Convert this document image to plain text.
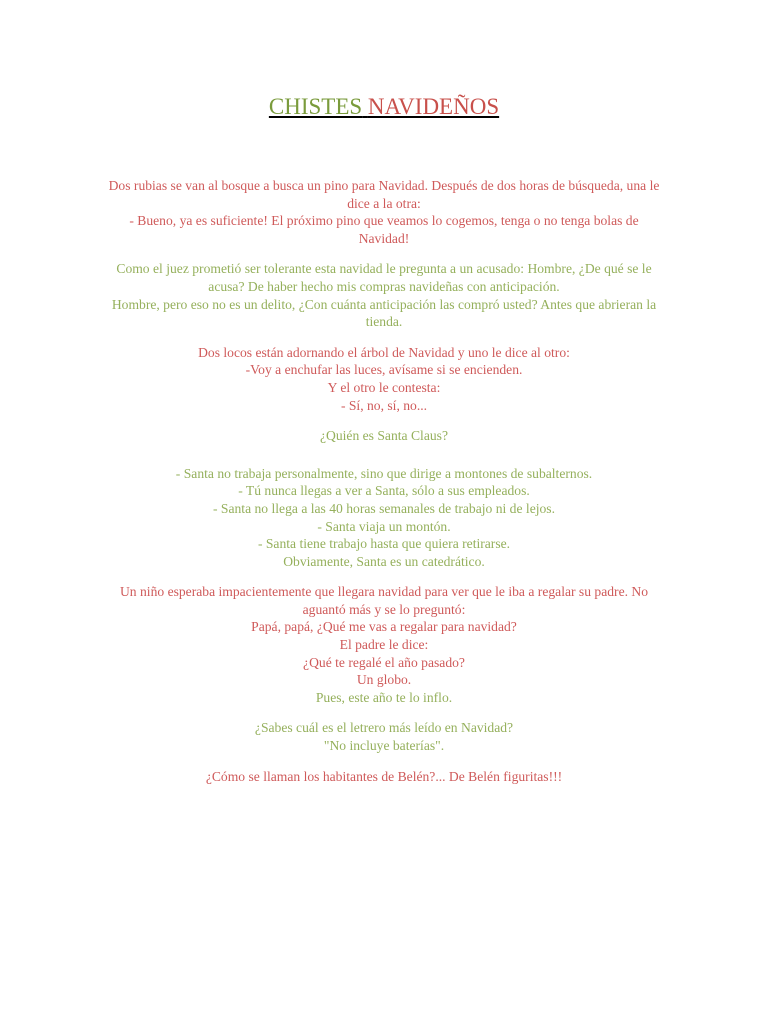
CHISTES NAVIDEÑOS

Dos rubias se van al bosque a busca un pino para Navidad. Después de dos horas de búsqueda, una le dice a la otra:

- Bueno, ya es suficiente! El próximo pino que veamos lo cogemos, tenga o no tenga bolas de Navidad!

Como el juez prometió ser tolerante esta navidad le pregunta a un acusado: Hombre, ¿De qué se le acusa? De haber hecho mis compras navideñas con anticipación.

Hombre, pero eso no es un delito, ¿Con cuánta anticipación las compró usted? Antes que abrieran la tienda.

Dos locos están adornando el árbol de Navidad y uno le dice al otro:

-Voy a enchufar las luces, avísame si se encienden.

Y el otro le contesta:

- Sí, no, sí, no...

¿Quién es Santa Claus?

- Santa no trabaja personalmente, sino que dirige a montones de subalternos.

- Tú nunca llegas a ver a Santa, sólo a sus empleados.

- Santa no llega a las 40 horas semanales de trabajo ni de lejos.

- Santa viaja un montón.

- Santa tiene trabajo hasta que quiera retirarse.

Obviamente, Santa es un catedrático.

Un niño esperaba impacientemente que llegara navidad para ver que le iba a regalar su padre. No aguantó más y se lo preguntó:

Papá, papá, ¿Qué me vas a regalar para navidad?

El padre le dice:

¿Qué te regalé el año pasado?

Un globo.

Pues, este año te lo inflo.

¿Sabes cuál es el letrero más leído en Navidad?

"No incluye baterías".

¿Cómo se llaman los habitantes de Belén?... De Belén figuritas!!!
